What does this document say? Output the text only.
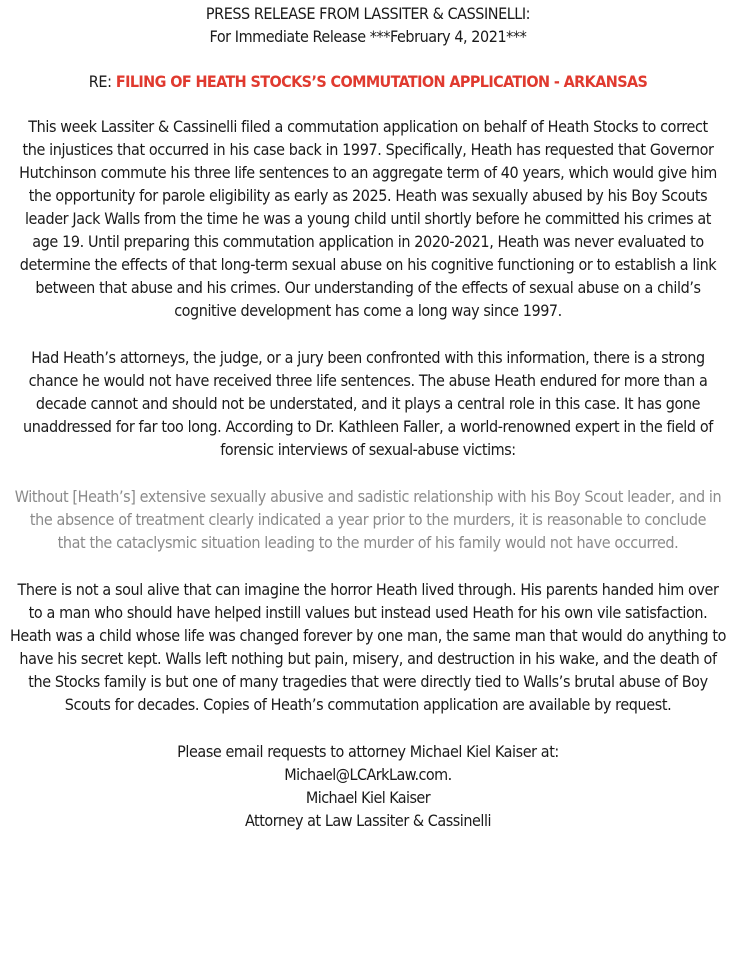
PRESS RELEASE FROM LASSITER & CASSINELLI:
For Immediate Release ***February 4, 2021***
RE: FILING OF HEATH STOCKS’S COMMUTATION APPLICATION - ARKANSAS
This week Lassiter & Cassinelli filed a commutation application on behalf of Heath Stocks to correct
the injustices that occurred in his case back in 1997. Specifically, Heath has requested that Governor
Hutchinson commute his three life sentences to an aggregate term of 40 years, which would give him
the opportunity for parole eligibility as early as 2025. Heath was sexually abused by his Boy Scouts
leader Jack Walls from the time he was a young child until shortly before he committed his crimes at
age 19. Until preparing this commutation application in 2020-2021, Heath was never evaluated to
determine the effects of that long-term sexual abuse on his cognitive functioning or to establish a link
between that abuse and his crimes. Our understanding of the effects of sexual abuse on a child’s
cognitive development has come a long way since 1997.
Had Heath’s attorneys, the judge, or a jury been confronted with this information, there is a strong
chance he would not have received three life sentences. The abuse Heath endured for more than a
decade cannot and should not be understated, and it plays a central role in this case. It has gone
unaddressed for far too long. According to Dr. Kathleen Faller, a world-renowned expert in the field of
forensic interviews of sexual-abuse victims:
Without [Heath’s] extensive sexually abusive and sadistic relationship with his Boy Scout leader, and in
the absence of treatment clearly indicated a year prior to the murders, it is reasonable to conclude
that the cataclysmic situation leading to the murder of his family would not have occurred.
There is not a soul alive that can imagine the horror Heath lived through. His parents handed him over
to a man who should have helped instill values but instead used Heath for his own vile satisfaction.
Heath was a child whose life was changed forever by one man, the same man that would do anything to
have his secret kept. Walls left nothing but pain, misery, and destruction in his wake, and the death of
the Stocks family is but one of many tragedies that were directly tied to Walls’s brutal abuse of Boy
Scouts for decades. Copies of Heath’s commutation application are available by request.
Please email requests to attorney Michael Kiel Kaiser at:
Michael@LCArkLaw.com.
Michael Kiel Kaiser
Attorney at Law Lassiter & Cassinelli
